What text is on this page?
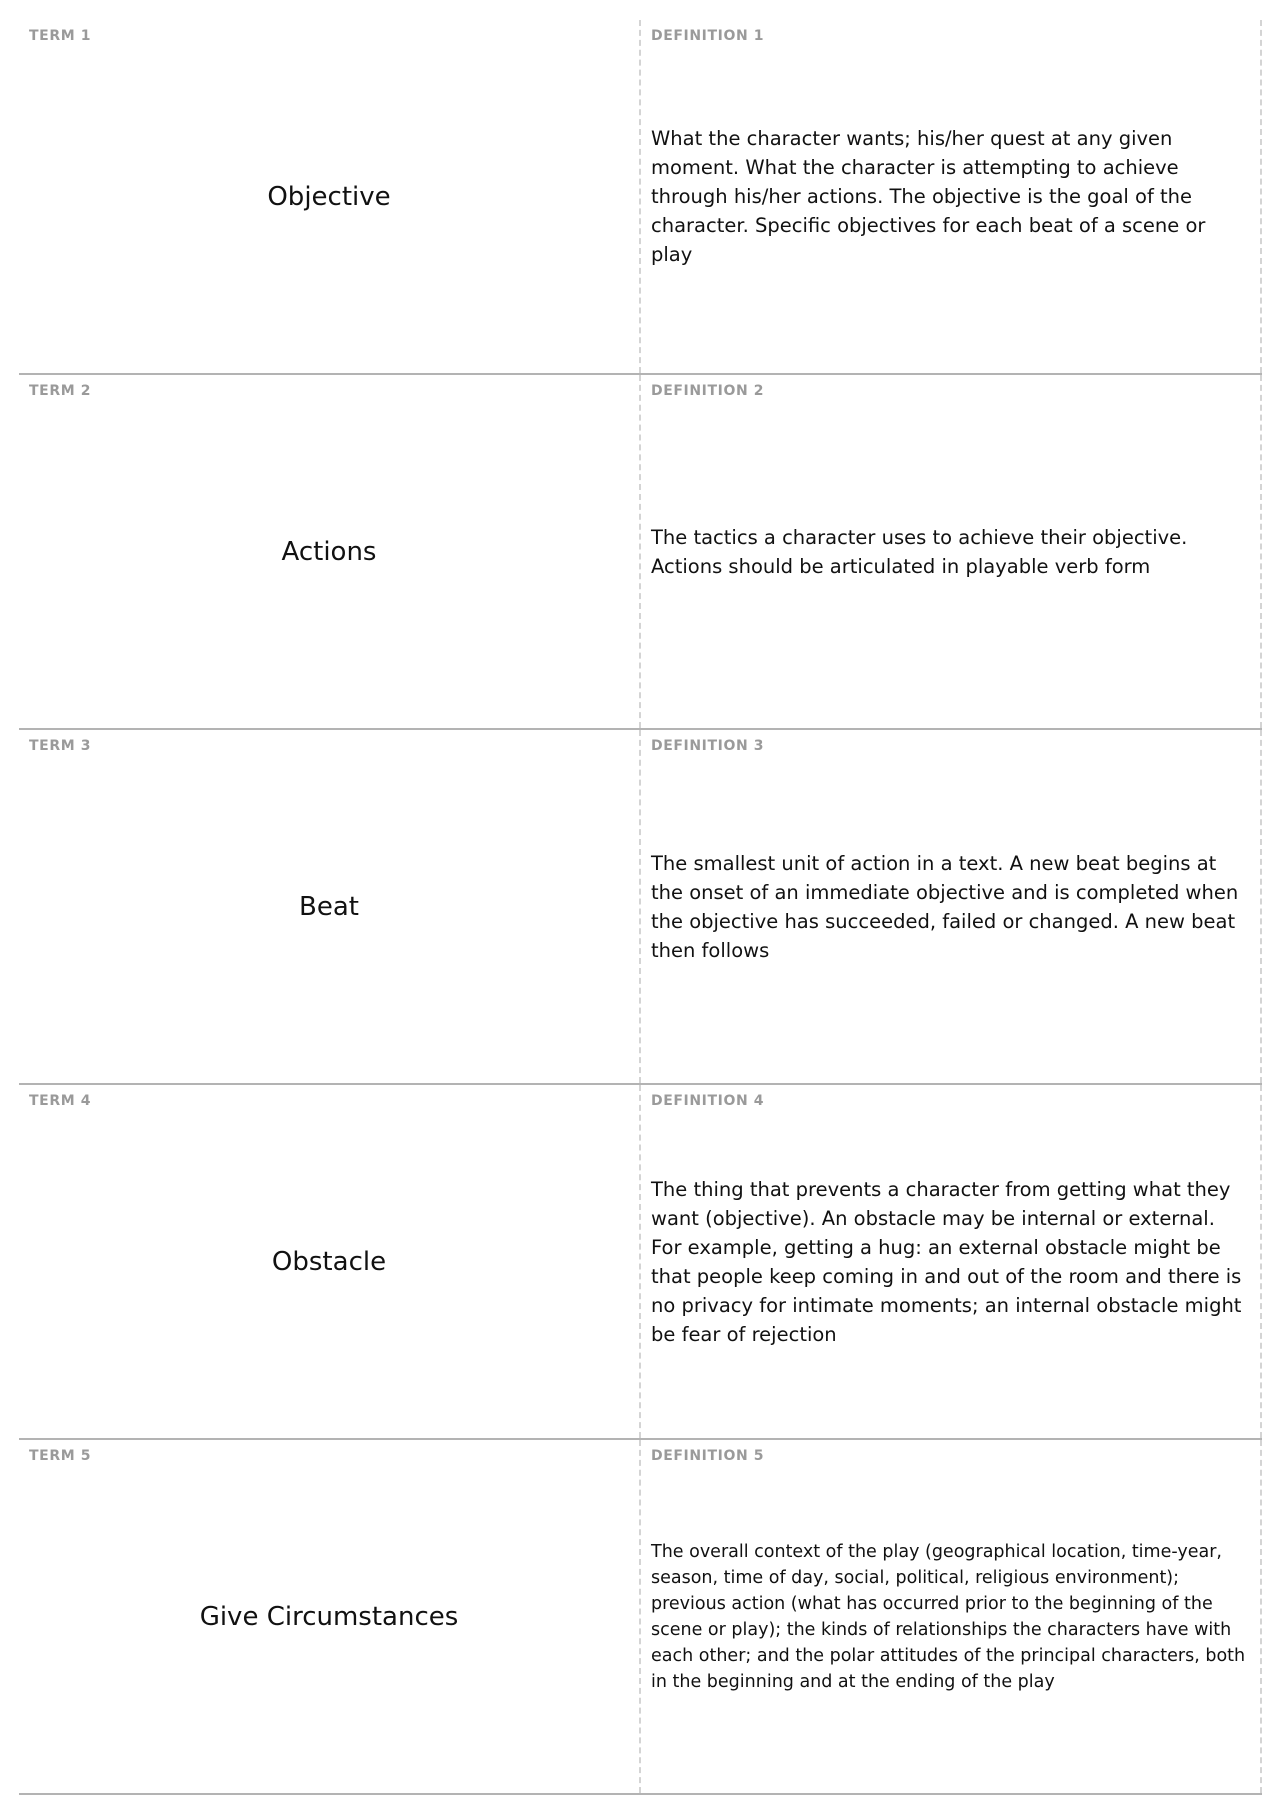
TERM 1
Objective
DEFINITION 1
What the character wants; his/her quest at any given moment. What the character is attempting to achieve through his/her actions. The objective is the goal of the character. Specific objectives for each beat of a scene or play
TERM 2
Actions
DEFINITION 2
The tactics a character uses to achieve their objective. Actions should be articulated in playable verb form
TERM 3
Beat
DEFINITION 3
The smallest unit of action in a text. A new beat begins at the onset of an immediate objective and is completed when the objective has succeeded, failed or changed. A new beat then follows
TERM 4
Obstacle
DEFINITION 4
The thing that prevents a character from getting what they want (objective). An obstacle may be internal or external. For example, getting a hug: an external obstacle might be that people keep coming in and out of the room and there is no privacy for intimate moments; an internal obstacle might be fear of rejection
TERM 5
Give Circumstances
DEFINITION 5
The overall context of the play (geographical location, time-year, season, time of day, social, political, religious environment); previous action (what has occurred prior to the beginning of the scene or play); the kinds of relationships the characters have with each other; and the polar attitudes of the principal characters, both in the beginning and at the ending of the play
